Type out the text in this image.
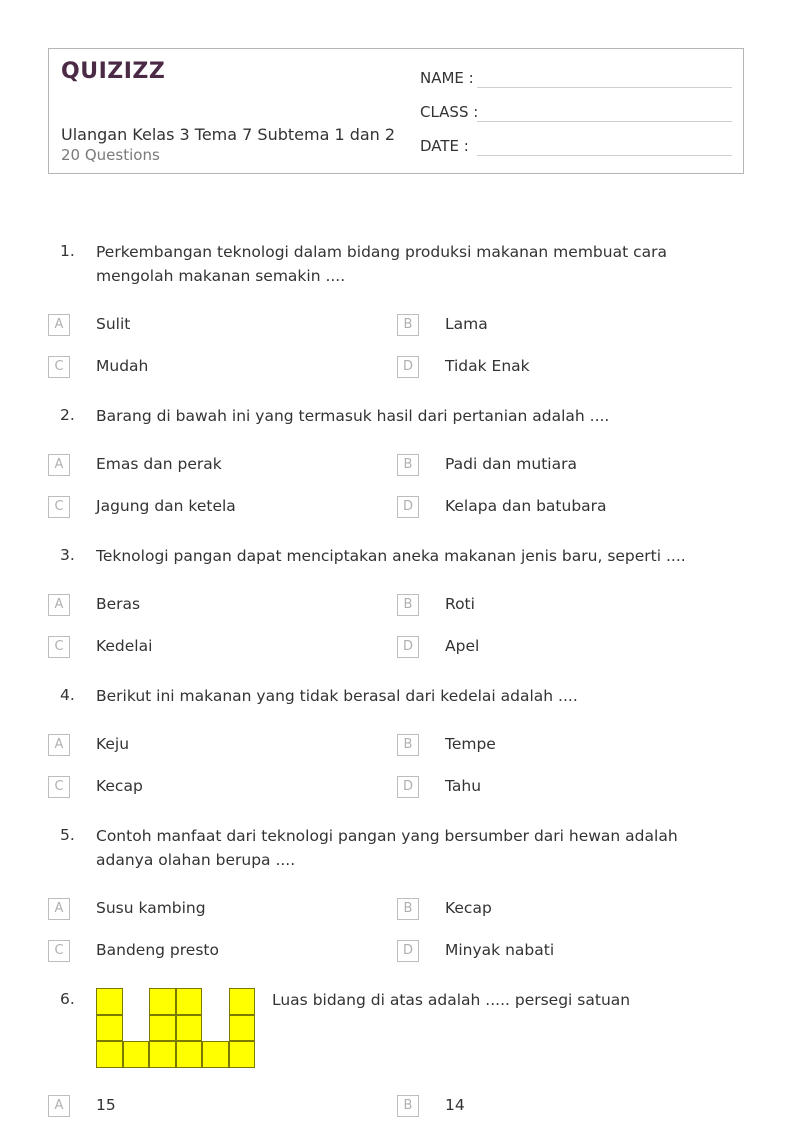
QUIZIZZ
Ulangan Kelas 3 Tema 7 Subtema 1 dan 2
20 Questions
NAME :
CLASS :
DATE :
1. Perkembangan teknologi dalam bidang produksi makanan membuat cara mengolah makanan semakin ....
A	Sulit	B	Lama
C	Mudah	D	Tidak Enak
2. Barang di bawah ini yang termasuk hasil dari pertanian adalah ....
A	Emas dan perak	B	Padi dan mutiara
C	Jagung dan ketela	D	Kelapa dan batubara
3. Teknologi pangan dapat menciptakan aneka makanan jenis baru, seperti ....
A	Beras	B	Roti
C	Kedelai	D	Apel
4. Berikut ini makanan yang tidak berasal dari kedelai adalah ....
A	Keju	B	Tempe
C	Kecap	D	Tahu
5. Contoh manfaat dari teknologi pangan yang bersumber dari hewan adalah adanya olahan berupa ....
A	Susu kambing	B	Kecap
C	Bandeng presto	D	Minyak nabati
6.	Luas bidang di atas adalah ..... persegi satuan
A	15	B	14
